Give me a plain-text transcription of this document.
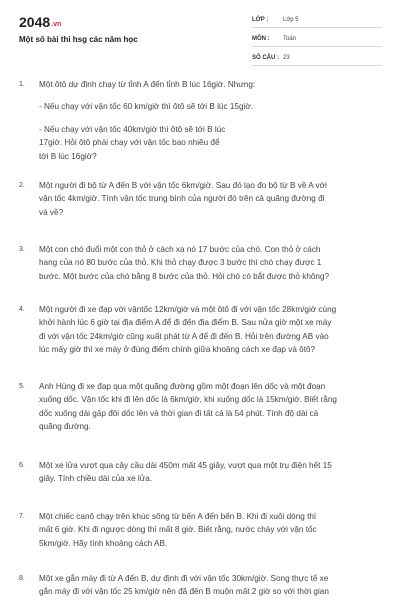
2048.vn
Một số bài thi hsg các năm học
LỚP :	Lớp 5
MÔN :	Toán
SỐ CÂU : 23
1. Một ôtô dự định chạy từ tỉnh A đến tỉnh B lúc 16giờ. Nhưng:

- Nếu chạy với vận tốc 60 km/giờ thì ôtô sẽ tới B lúc 15giờ.

- Nếu chạy với vận tốc 40km/giờ thì ôtô sẽ tới B lúc

17giờ. Hỏi ôtô phải chạy với vận tốc bao nhiêu để

tới B lúc 16giờ?

2. Một người đi bộ từ A đến B với vận tốc 6km/giờ. Sau đó lạo đo bộ từ B về A với

vận tốc 4km/giờ. Tính vận tốc trung bình của người đó trên cả quãng đường đi

và về?

3. Một con chó đuổi một con thỏ ở cách xa nó 17 bước của chó. Con thỏ ở cách

hang của nó 80 bước của thỏ. Khi thỏ chạy được 3 bước thì chó chạy được 1

bước. Một bước của chó bằng 8 bước của thỏ. Hỏi chó có bắt được thỏ không?

4. Một người đi xe đạp với vậntốc 12km/giờ và một ôtô đi với vận tốc 28km/giờ cùng

khởi hành lúc 6 giờ tại địa điểm A để đi đến địa điểm B. Sau nửa giờ một xe máy

đi với vận tốc 24km/giờ cũng xuất phát từ A để đi đến B. Hỏi trên đường AB vào

lúc mấy giờ thì xe máy ở đúng điểm chính giữa khoảng cách xe đạp và ôtô?

5. Anh Hùng đi xe đạp qua một quãng đường gồm một đoạn lên dốc và một đoạn

xuống dốc. Vận tốc khi đi lên dốc là 6km/giờ, khi xuống dốc là 15km/giờ. Biết rằng

dốc xuống dài gấp đôi dốc lên và thời gian đi tất cả là 54 phút. Tính độ dài cả

quãng đường.

6. Một xe lửa vượt qua cây cầu dài 450m mất 45 giây, vượt qua một trụ điện hết 15

giây. Tính chiều dài của xe lửa.

7. Một chiếc canô chạy trên khúc sông từ bến A đến bến B. Khi đi xuôi dòng thì

mất 6 giờ. Khi đi ngược dòng thì mất 8 giờ. Biết rằng, nước chảy với vận tốc

5km/giờ. Hãy tính khoảng cách AB.

8. Một xe gắn máy đi từ A đến B, dự định đi với vận tốc 30km/giờ. Song thực tế xe

gắn máy đi với vận tốc 25 km/giờ nên đã đến B muộn mất 2 giờ so với thời gian
